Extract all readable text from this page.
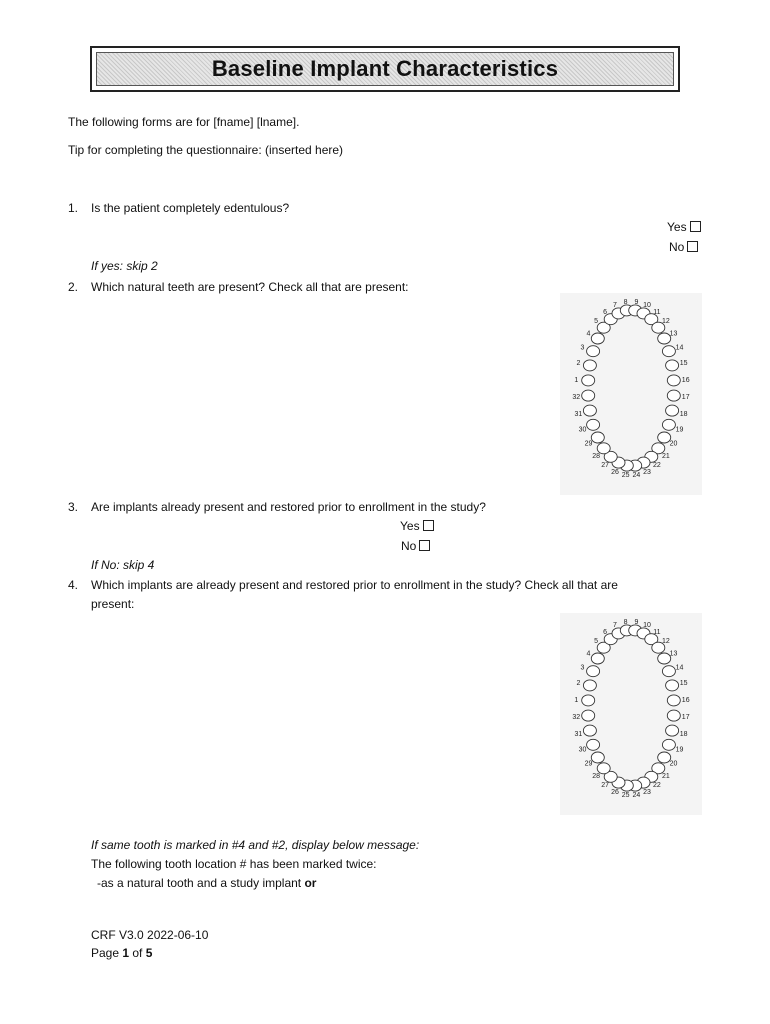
Baseline Implant Characteristics
The following forms are for [fname] [lname].
Tip for completing the questionnaire: (inserted here)
1. Is the patient completely edentulous?
Yes
No
If yes: skip 2
2. Which natural teeth are present? Check all that are present:
1
2
3
4
5
6
7 8 9 10
11
12
13
14
15
16
17
18
19
20
21
22
23
24
25
26
27
28
29
30
31
32
3. Are implants already present and restored prior to enrollment in the study?
Yes
No
If No: skip 4
4. Which implants are already present and restored prior to enrollment in the study? Check all that are
present:
1
2
3
4
5
6
7 8 9 10
11
12
13
14
15
16
17
18
19
20
21
22
23
24
25
26
27
28
29
30
31
32
If same tooth is marked in #4 and #2, display below message:
The following tooth location # has been marked twice:
-as a natural tooth and a study implant or
CRF V3.0 2022-06-10
Page 1 of 5
